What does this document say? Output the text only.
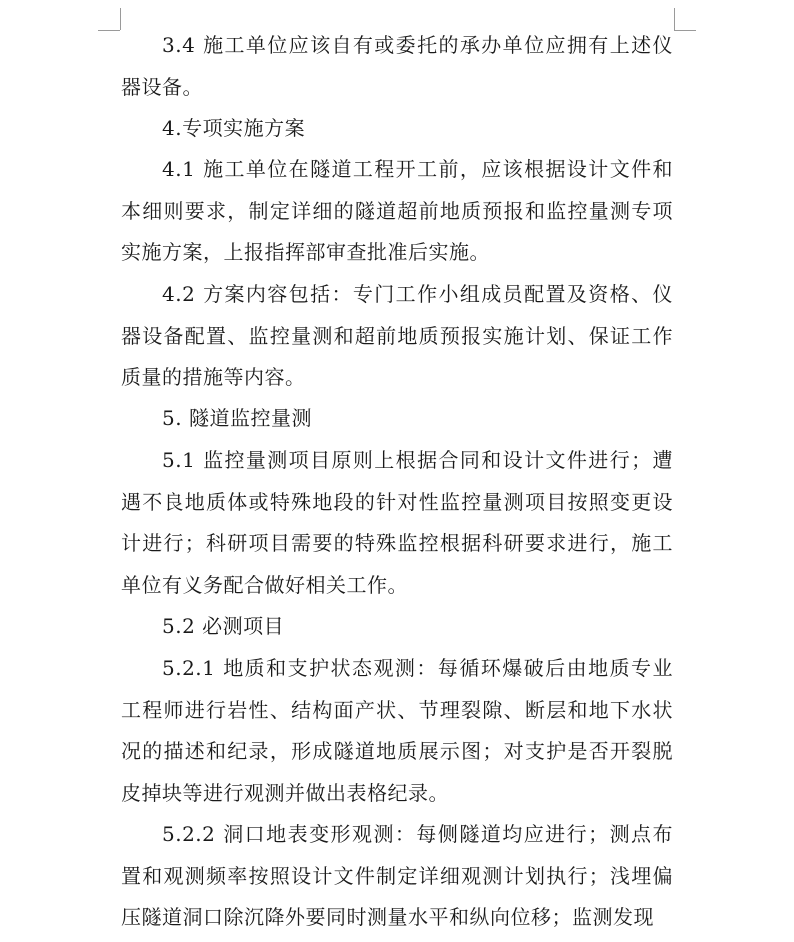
3.4 施工单位应该自有或委托的承办单位应拥有上述仪器设备。

4.专项实施方案

4.1 施工单位在隧道工程开工前，应该根据设计文件和本细则要求，制定详细的隧道超前地质预报和监控量测专项实施方案，上报指挥部审查批准后实施。

4.2 方案内容包括：专门工作小组成员配置及资格、仪器设备配置、监控量测和超前地质预报实施计划、保证工作质量的措施等内容。

5. 隧道监控量测

5.1 监控量测项目原则上根据合同和设计文件进行；遭遇不良地质体或特殊地段的针对性监控量测项目按照变更设计进行；科研项目需要的特殊监控根据科研要求进行，施工单位有义务配合做好相关工作。

5.2 必测项目

5.2.1 地质和支护状态观测：每循环爆破后由地质专业工程师进行岩性、结构面产状、节理裂隙、断层和地下水状况的描述和纪录，形成隧道地质展示图；对支护是否开裂脱皮掉块等进行观测并做出表格纪录。

5.2.2 洞口地表变形观测：每侧隧道均应进行；测点布置和观测频率按照设计文件制定详细观测计划执行；浅埋偏压隧道洞口除沉降外要同时测量水平和纵向位移；监测发现
